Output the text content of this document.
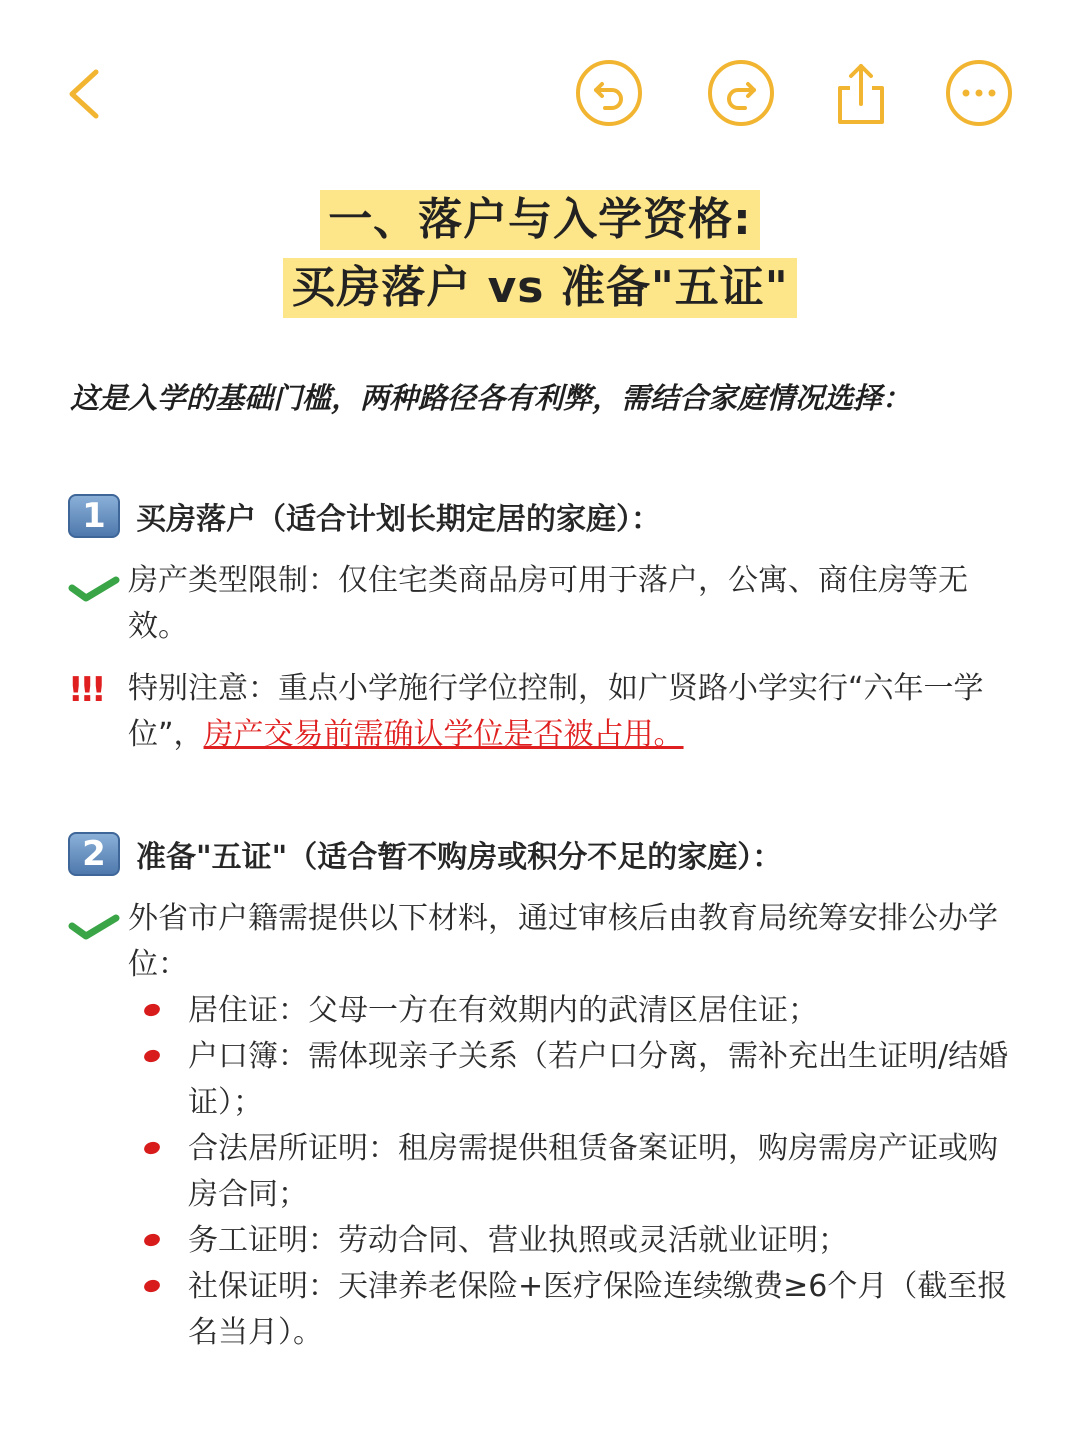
一、落户与入学资格:
买房落户 vs 准备"五证"
这是入学的基础门槛，两种路径各有利弊，需结合家庭情况选择：
1	买房落户（适合计划长期定居的家庭）：
房产类型限制：仅住宅类商品房可用于落户，公寓、商住房等无效。
!!! 特别注意：重点小学施行学位控制，如广贤路小学实行“六年一学位”，房产交易前需确认学位是否被占用。
2	准备"五证"（适合暂不购房或积分不足的家庭）：
外省市户籍需提供以下材料，通过审核后由教育局统筹安排公办学位：
居住证：父母一方在有效期内的武清区居住证；
户口簿：需体现亲子关系（若户口分离，需补充出生证明/结婚证）；
合法居所证明：租房需提供租赁备案证明，购房需房产证或购房合同；
务工证明：劳动合同、营业执照或灵活就业证明；
社保证明：天津养老保险+医疗保险连续缴费≥6个月（截至报名当月）。
